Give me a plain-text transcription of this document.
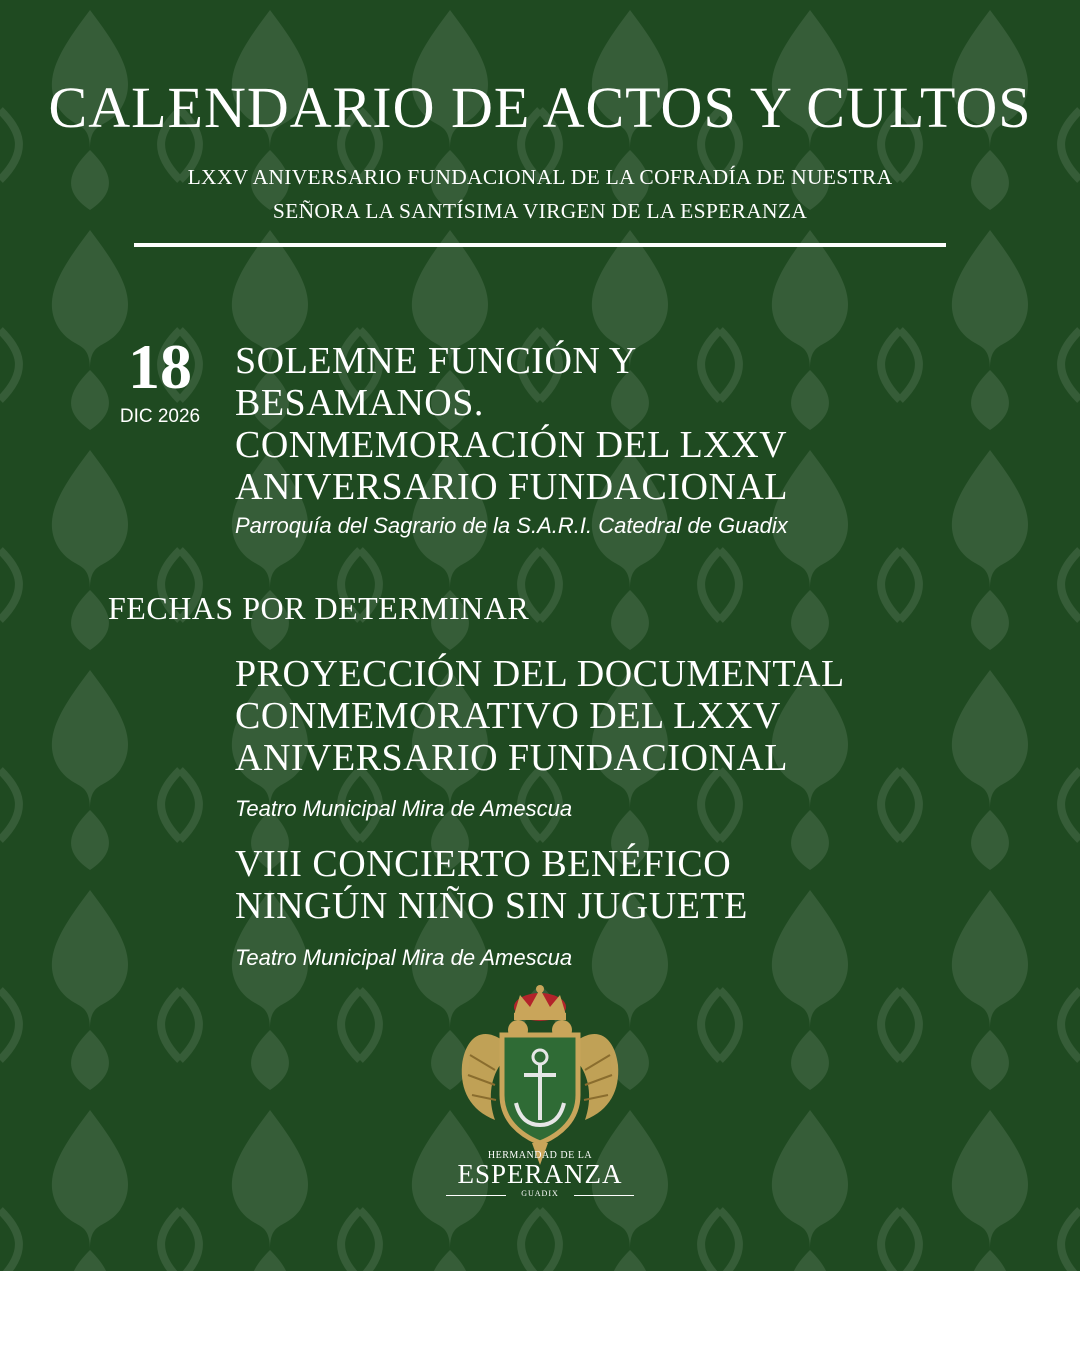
CALENDARIO DE ACTOS Y CULTOS
LXXV ANIVERSARIO FUNDACIONAL DE LA COFRADÍA DE NUESTRA
SEÑORA LA SANTÍSIMA VIRGEN DE LA ESPERANZA
18
DIC 2026
SOLEMNE FUNCIÓN Y
BESAMANOS.
CONMEMORACIÓN DEL LXXV
ANIVERSARIO FUNDACIONAL
Parroquía del Sagrario de la S.A.R.I. Catedral de Guadix
FECHAS POR DETERMINAR
PROYECCIÓN DEL DOCUMENTAL
CONMEMORATIVO DEL LXXV
ANIVERSARIO FUNDACIONAL
Teatro Municipal Mira de Amescua
VIII CONCIERTO BENÉFICO
NINGÚN NIÑO SIN JUGUETE
Teatro Municipal Mira de Amescua
HERMANDAD DE LA
ESPERANZA
GUADIX
